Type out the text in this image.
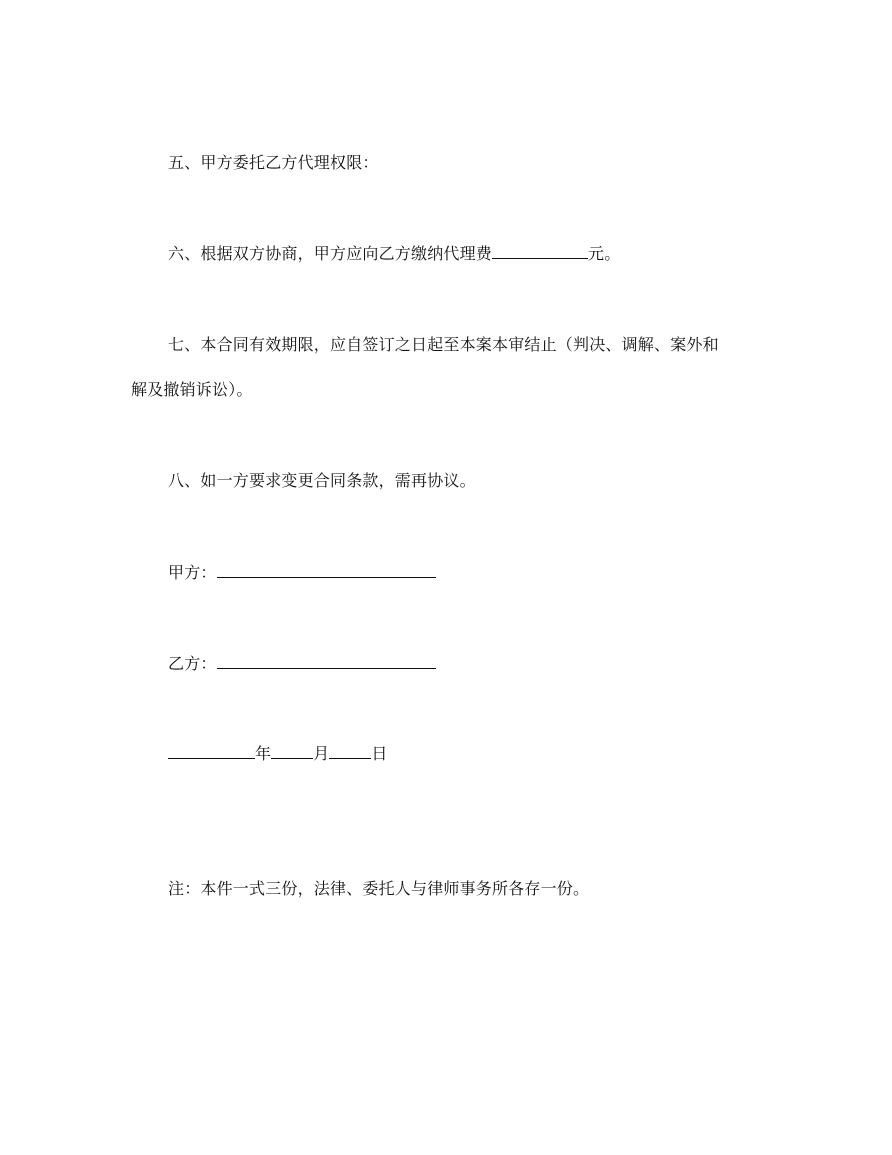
五、甲方委托乙方代理权限：
六、根据双方协商，甲方应向乙方缴纳代理费	元。
七、本合同有效期限，应自签订之日起至本案本审结止（判决、调解、案外和
解及撤销诉讼）。
八、如一方要求变更合同条款，需再协议。
甲方：
乙方：
年	月	日
注：本件一式三份，法律、委托人与律师事务所各存一份。
